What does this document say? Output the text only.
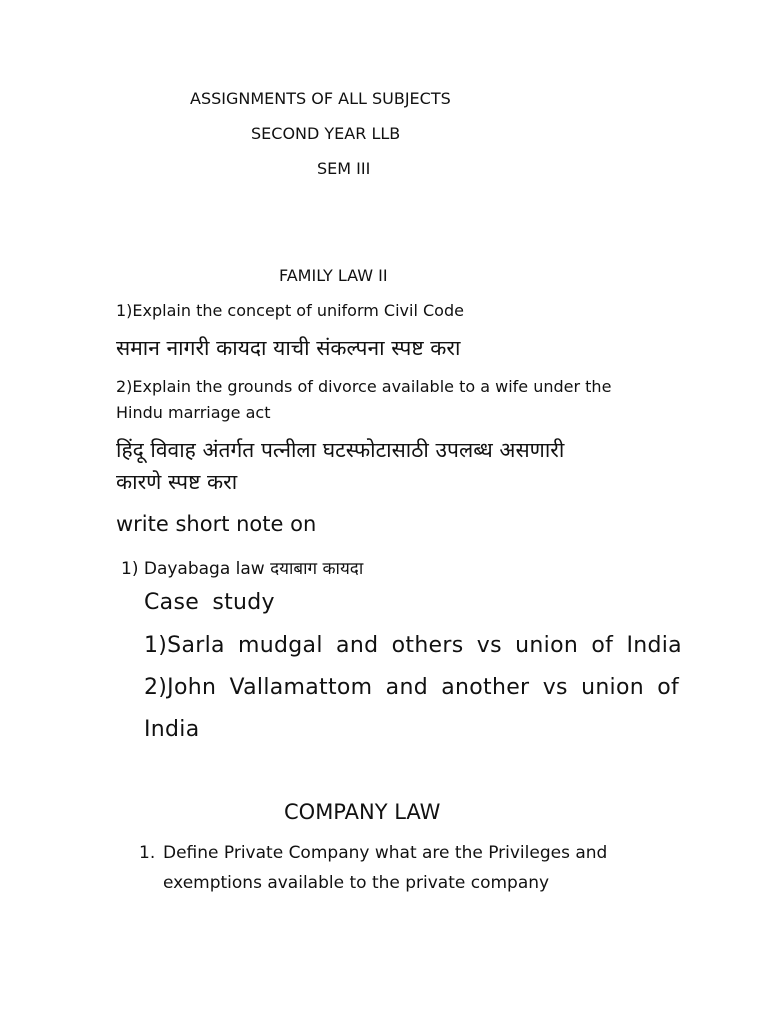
ASSIGNMENTS OF ALL SUBJECTS

SECOND YEAR LLB

SEM III

FAMILY LAW II

1)Explain the concept of uniform Civil Code

समान नागरी कायदा याची संकल्पना स्पष्ट करा

2)Explain the grounds of divorce available to a wife under the

Hindu marriage act

हिंदू विवाह अंतर्गत पत्नीला घटस्फोटासाठी उपलब्ध असणारी

कारणे स्पष्ट करा

write short note on

1) Dayabaga law दयाबाग कायदा

Case study

1)Sarla mudgal and others vs union of India

2)John Vallamattom and another vs union of

India

COMPANY LAW

1. Define Private Company what are the Privileges and

exemptions available to the private company
